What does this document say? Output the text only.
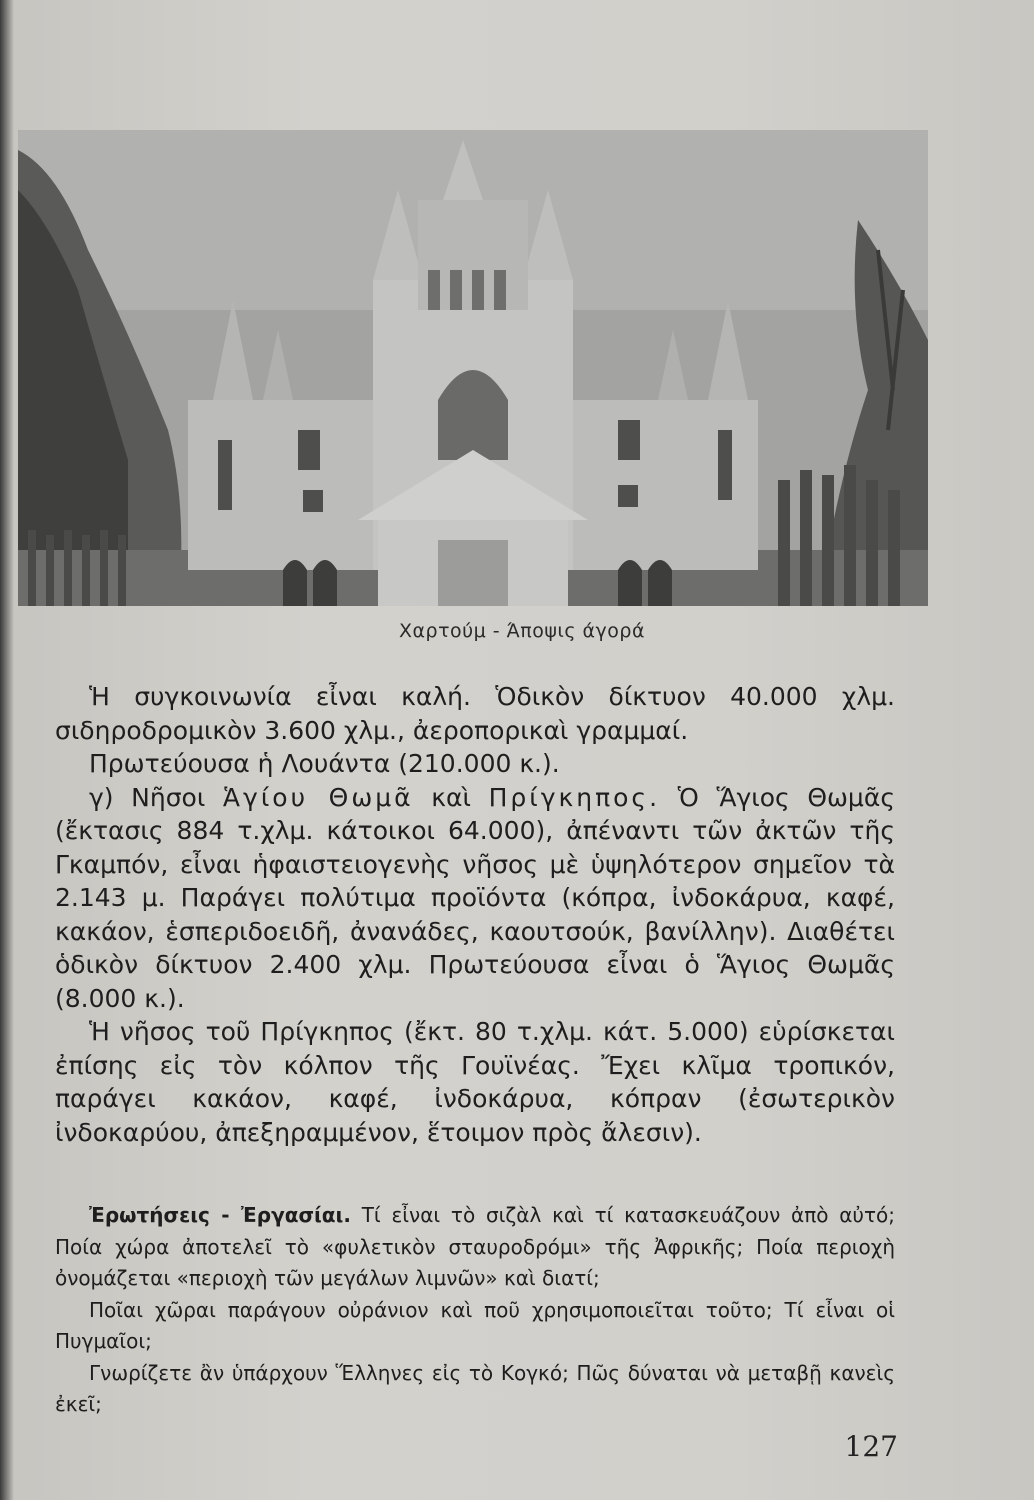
Χαρτούμ - Άποψις άγορά

Ἡ συγκοινωνία εἶναι καλή. Ὁδικὸν δίκτυον 40.000 χλμ. σιδηροδρομικὸν 3.600 χλμ., ἀεροπορικαὶ γραμμαί.

Πρωτεύουσα ἡ Λουάντα (210.000 κ.).

γ) Νῆσοι Ἁγίου Θωμᾶ καὶ Πρίγκηπος. Ὁ Ἅγιος Θωμᾶς (ἔκτασις 884 τ.χλμ. κάτοικοι 64.000), ἀπέναντι τῶν ἀκτῶν τῆς Γκαμπόν, εἶναι ἡφαιστειογενὴς νῆσος μὲ ὑψηλότερον σημεῖον τὰ 2.143 μ. Παράγει πολύτιμα προϊόντα (κόπρα, ἰνδοκάρυα, καφέ, κακάον, ἑσπεριδοειδῆ, ἀνανάδες, καουτσούκ, βανίλλην). Διαθέτει ὁδικὸν δίκτυον 2.400 χλμ. Πρωτεύουσα εἶναι ὁ Ἅγιος Θωμᾶς (8.000 κ.).

Ἡ νῆσος τοῦ Πρίγκηπος (ἔκτ. 80 τ.χλμ. κάτ. 5.000) εὑρίσκεται ἐπίσης εἰς τὸν κόλπον τῆς Γουϊνέας. Ἔχει κλῖμα τροπικόν, παράγει κακάον, καφέ, ἰνδοκάρυα, κόπραν (ἐσωτερικὸν ἰνδοκαρύου, ἀπεξηραμμένον, ἕτοιμον πρὸς ἄλεσιν).

Ἐρωτήσεις - Ἐργασίαι. Τί εἶναι τὸ σιζὰλ καὶ τί κατασκευάζουν ἀπὸ αὐτό; Ποία χώρα ἀποτελεῖ τὸ «φυλετικὸν σταυροδρόμι» τῆς Ἀφρικῆς; Ποία περιοχὴ ὀνομάζεται «περιοχὴ τῶν μεγάλων λιμνῶν» καὶ διατί;

Ποῖαι χῶραι παράγουν οὐράνιον καὶ ποῦ χρησιμοποιεῖται τοῦτο; Τί εἶναι οἱ Πυγμαῖοι;

Γνωρίζετε ἂν ὑπάρχουν Ἕλληνες εἰς τὸ Κογκό; Πῶς δύναται νὰ μεταβῇ κανεὶς ἐκεῖ;

127
